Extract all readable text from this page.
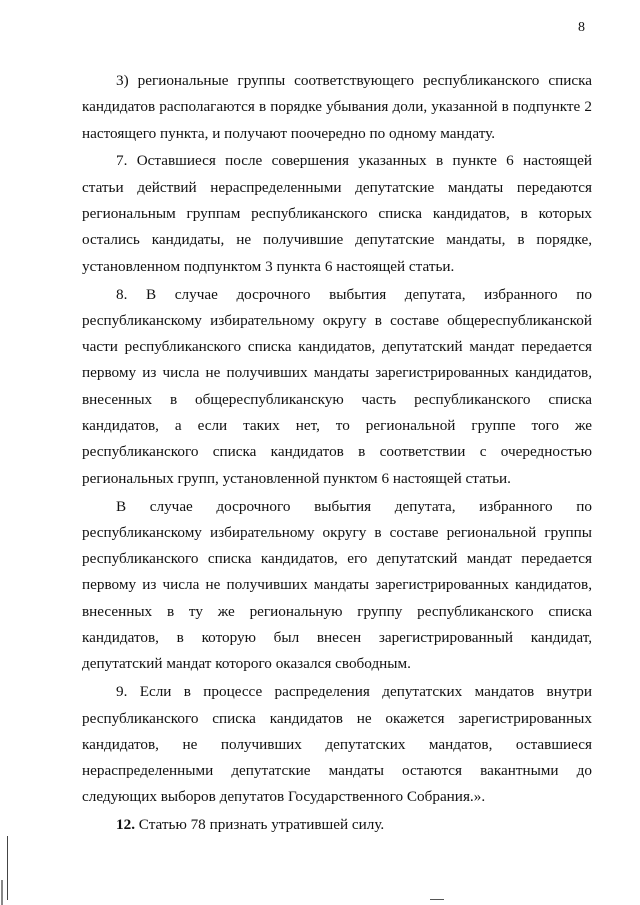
8

3) региональные группы соответствующего республиканского списка кандидатов располагаются в порядке убывания доли, указанной в подпункте 2 настоящего пункта, и получают поочередно по одному мандату.

7. Оставшиеся после совершения указанных в пункте 6 настоящей статьи действий нераспределенными депутатские мандаты передаются региональным группам республиканского списка кандидатов, в которых остались кандидаты, не получившие депутатские мандаты, в порядке, установленном подпунктом 3 пункта 6 настоящей статьи.

8. В случае досрочного выбытия депутата, избранного по республиканскому избирательному округу в составе общереспубликанской части республиканского списка кандидатов, депутатский мандат передается первому из числа не получивших мандаты зарегистрированных кандидатов, внесенных в общереспубликанскую часть республиканского списка кандидатов, а если таких нет, то региональной группе того же республиканского списка кандидатов в соответствии с очередностью региональных групп, установленной пунктом 6 настоящей статьи.

В случае досрочного выбытия депутата, избранного по республиканскому избирательному округу в составе региональной группы республиканского списка кандидатов, его депутатский мандат передается первому из числа не получивших мандаты зарегистрированных кандидатов, внесенных в ту же региональную группу республиканского списка кандидатов, в которую был внесен зарегистрированный кандидат, депутатский мандат которого оказался свободным.

9. Если в процессе распределения депутатских мандатов внутри республиканского списка кандидатов не окажется зарегистрированных кандидатов, не получивших депутатских мандатов, оставшиеся нераспределенными депутатские мандаты остаются вакантными до следующих выборов депутатов Государственного Собрания.».

12. Статью 78 признать утратившей силу.
